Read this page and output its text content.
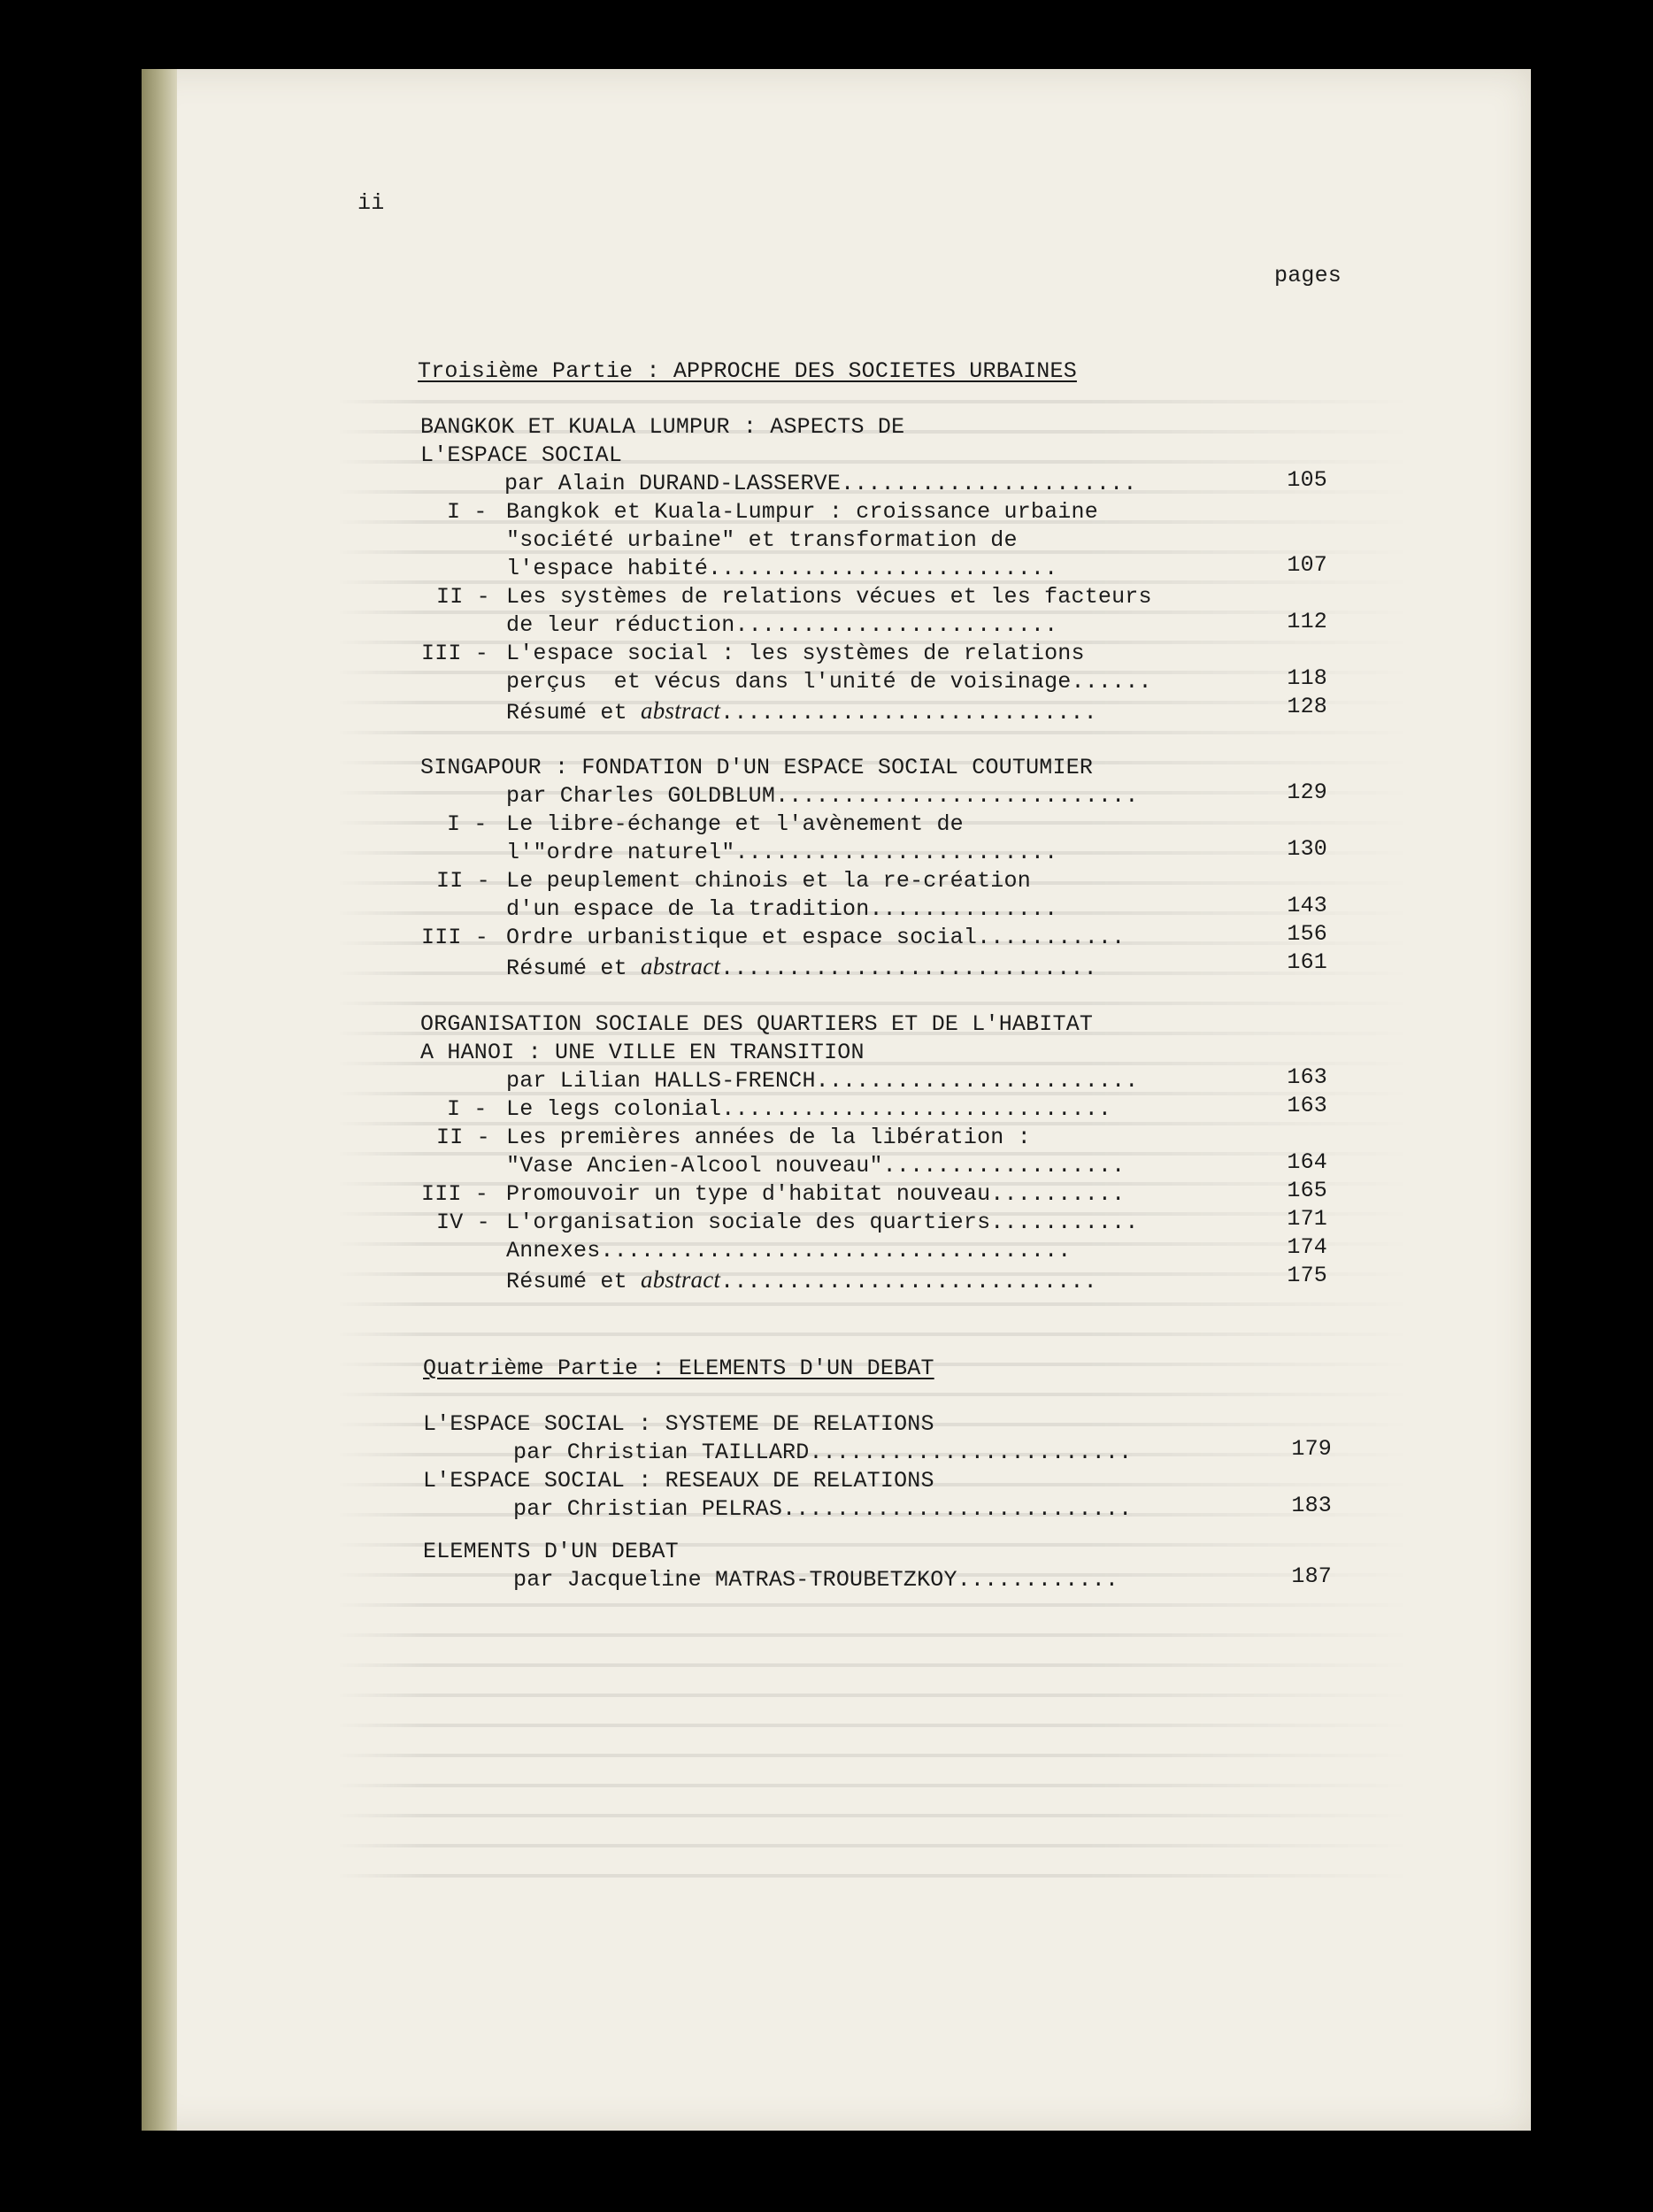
ii

pages

Troisième Partie : APPROCHE DES SOCIETES URBAINES

BANGKOK ET KUALA LUMPUR : ASPECTS DE

L'ESPACE SOCIAL

par Alain DURAND-LASSERVE......................	105

I - Bangkok et Kuala-Lumpur : croissance urbaine

"société urbaine" et transformation de

l'espace habité..........................	107

II - Les systèmes de relations vécues et les facteurs

de leur réduction........................	112

III - L'espace social : les systèmes de relations

perçus  et vécus dans l'unité de voisinage......	118

Résumé et abstract............................	128

SINGAPOUR : FONDATION D'UN ESPACE SOCIAL COUTUMIER

par Charles GOLDBLUM...........................	129

I - Le libre-échange et l'avènement de

l'"ordre naturel"........................	130

II - Le peuplement chinois et la re-création

d'un espace de la tradition..............	143

III - Ordre urbanistique et espace social...........	156

Résumé et abstract............................	161

ORGANISATION SOCIALE DES QUARTIERS ET DE L'HABITAT

A HANOI : UNE VILLE EN TRANSITION

par Lilian HALLS-FRENCH........................	163

I - Le legs colonial.............................	163

II - Les premières années de la libération :

"Vase Ancien-Alcool nouveau"..................	164

III - Promouvoir un type d'habitat nouveau..........	165

IV - L'organisation sociale des quartiers...........	171

Annexes...................................	174

Résumé et abstract............................	175

Quatrième Partie : ELEMENTS D'UN DEBAT

L'ESPACE SOCIAL : SYSTEME DE RELATIONS

par Christian TAILLARD........................	179

L'ESPACE SOCIAL : RESEAUX DE RELATIONS

par Christian PELRAS..........................	183

ELEMENTS D'UN DEBAT

par Jacqueline MATRAS-TROUBETZKOY............	187
